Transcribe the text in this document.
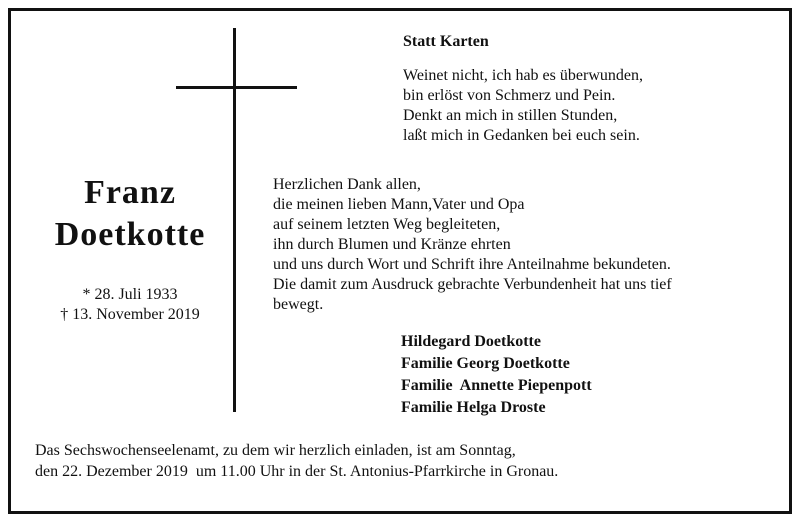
Statt Karten
Weinet nicht, ich hab es überwunden,
bin erlöst von Schmerz und Pein.
Denkt an mich in stillen Stunden,
laßt mich in Gedanken bei euch sein.
Franz
Doetkotte
* 28. Juli 1933
† 13. November 2019
Herzlichen Dank allen,
die meinen lieben Mann,Vater und Opa
auf seinem letzten Weg begleiteten,
ihn durch Blumen und Kränze ehrten
und uns durch Wort und Schrift ihre Anteilnahme bekundeten.
Die damit zum Ausdruck gebrachte Verbundenheit hat uns tief
bewegt.
Hildegard Doetkotte
Familie Georg Doetkotte
Familie  Annette Piepenpott
Familie Helga Droste
Das Sechswochenseelenamt, zu dem wir herzlich einladen, ist am Sonntag,
den 22. Dezember 2019  um 11.00 Uhr in der St. Antonius-Pfarrkirche in Gronau.
